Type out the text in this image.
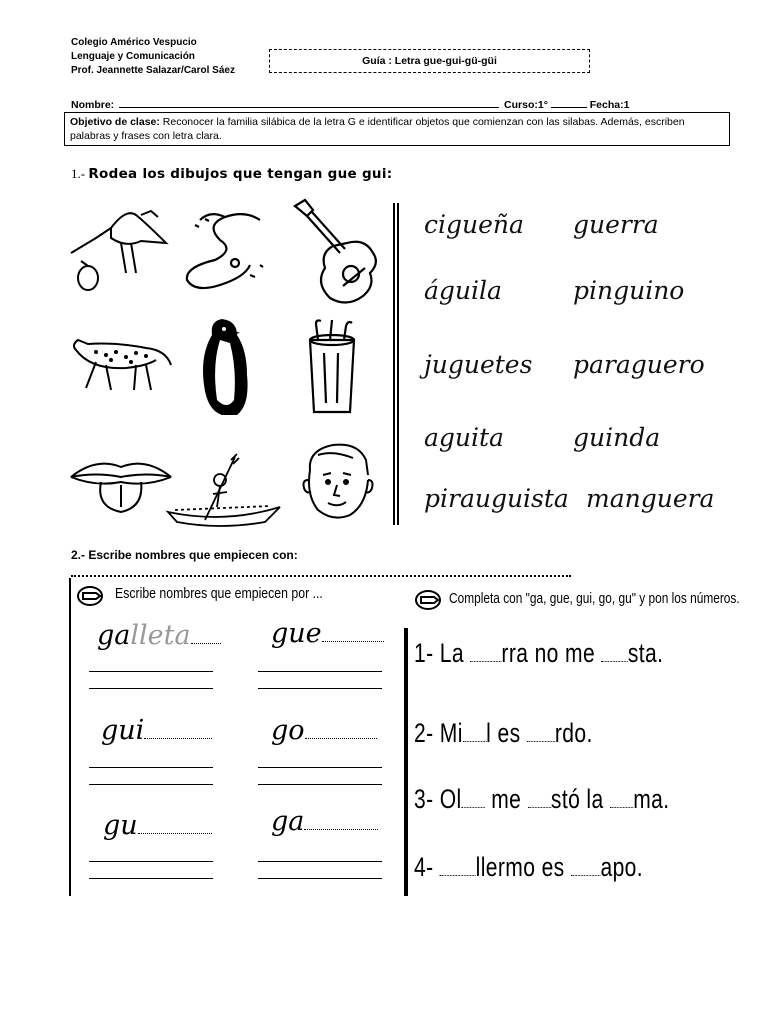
Colegio Américo Vespucio
Lenguaje y Comunicación
Prof. Jeannette Salazar/Carol Sáez
Guía : Letra gue-gui-gü-güi
Nombre:	Curso:1°	Fecha:1
Objetivo de clase: Reconocer la familia silábica de la letra G e identificar objetos que comienzan con las silabas. Además, escriben palabras y frases con letra clara.
1.- Rodea los dibujos que tengan gue gui:
cigueña guerra
águila	pinguino
juguetes paraguero
aguita	guinda
pirauguista manguera
2.- Escribe nombres que empiecen con:
Escribe nombres que empiecen por ...	Completa con "ga, gue, gui, go, gu" y pon los números.
galleta	gue
gui	go
gu	ga
1- La rra no me sta.
2- Mi l es rdo.
3- Ol me stó la ma.
4- llermo es apo.
